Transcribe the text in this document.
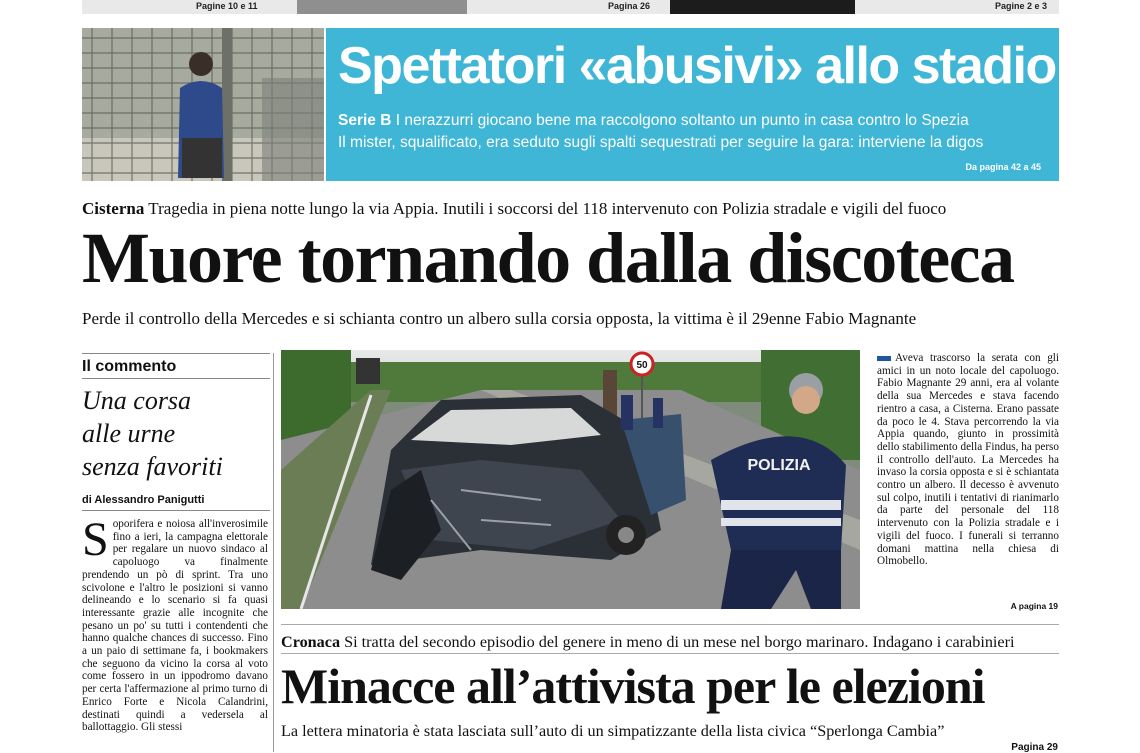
Pagine 10 e 11	Pagina 26	Pagine 2 e 3
Spettatori «abusivi» allo stadio
Serie B I nerazzurri giocano bene ma raccolgono soltanto un punto in casa contro lo Spezia
Il mister, squalificato, era seduto sugli spalti sequestrati per seguire la gara: interviene la digos
Da pagina 42 a 45
Cisterna Tragedia in piena notte lungo la via Appia. Inutili i soccorsi del 118 intervenuto con Polizia stradale e vigili del fuoco
Muore tornando dalla discoteca
Perde il controllo della Mercedes e si schianta contro un albero sulla corsia opposta, la vittima è il 29enne Fabio Magnante
Il commento
Una corsa
alle urne
senza favoriti
di Alessandro Panigutti
Soporifera e noiosa all'inverosimile fino a ieri, la campagna elettorale per regalare un nuovo sindaco al capoluogo va finalmente prendendo un pò di sprint. Tra uno scivolone e l'altro le posizioni si vanno delineando e lo scenario si fa quasi interessante grazie alle incognite che pesano un po' su tutti i contendenti che hanno qualche chances di successo. Fino a un paio di settimane fa, i bookmakers che seguono da vicino la corsa al voto come fossero in un ippodromo davano per certa l'affermazione al primo turno di Enrico Forte e Nicola Calandrini, destinati quindi a vedersela al ballottaggio. Gli stessi
50
POLIZIA
Aveva trascorso la serata con gli amici in un noto locale del capoluogo. Fabio Magnante 29 anni, era al volante della sua Mercedes e stava facendo rientro a casa, a Cisterna. Erano passate da poco le 4. Stava percorrendo la via Appia quando, giunto in prossimità dello stabilimento della Findus, ha perso il controllo dell'auto. La Mercedes ha invaso la corsia opposta e si è schiantata contro un albero. Il decesso è avvenuto sul colpo, inutili i tentativi di rianimarlo da parte del personale del 118 intervenuto con la Polizia stradale e i vigili del fuoco. I funerali si terranno domani mattina nella chiesa di Olmobello.
A pagina 19
Cronaca Si tratta del secondo episodio del genere in meno di un mese nel borgo marinaro. Indagano i carabinieri
Minacce all’attivista per le elezioni
La lettera minatoria è stata lasciata sull’auto di un simpatizzante della lista civica “Sperlonga Cambia”
Pagina 29
